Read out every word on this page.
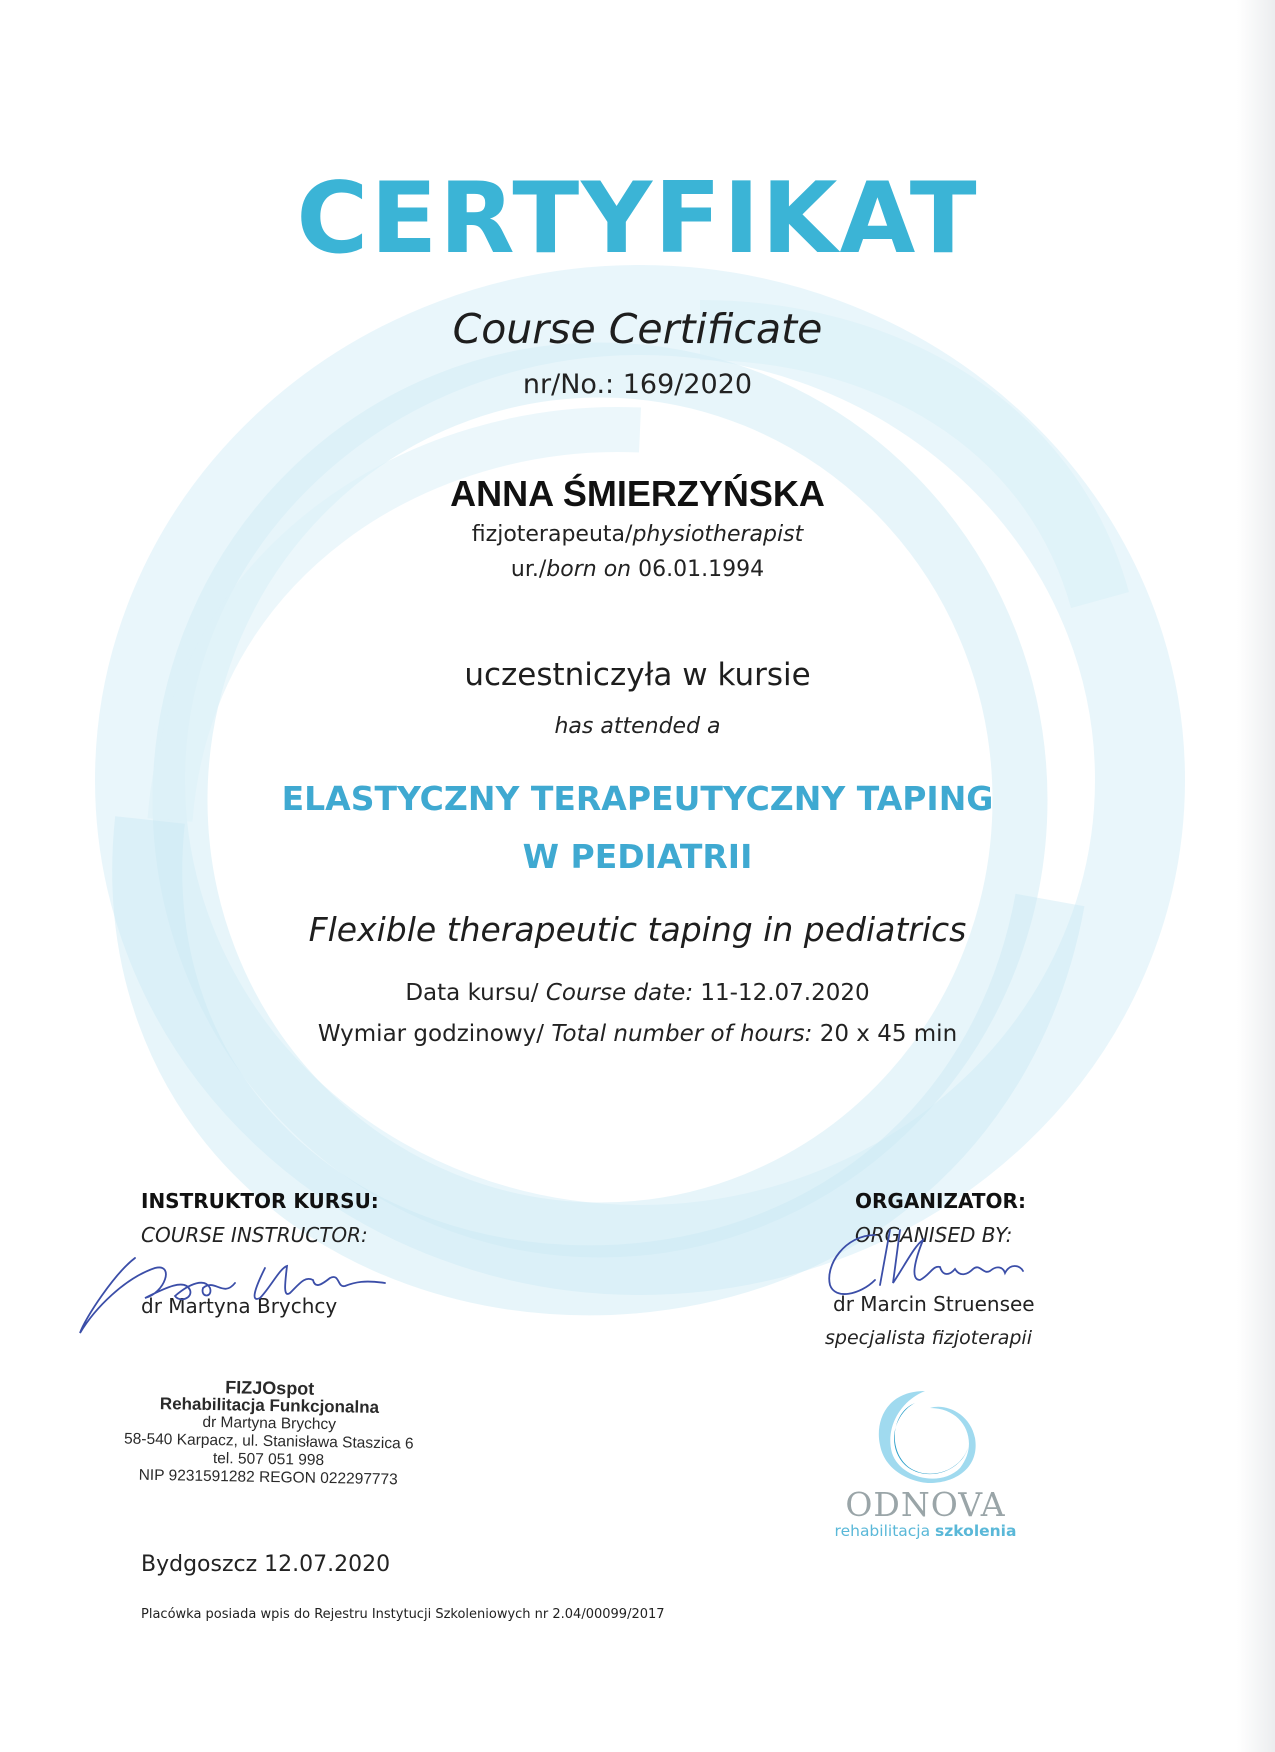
CERTYFIKAT
Course Certificate
nr/No.: 169/2020
ANNA ŚMIERZYŃSKA
fizjoterapeuta/physiotherapist
ur./born on 06.01.1994
uczestniczyła w kursie
has attended a
ELASTYCZNY TERAPEUTYCZNY TAPING
W PEDIATRII
Flexible therapeutic taping in pediatrics
Data kursu/ Course date: 11-12.07.2020
Wymiar godzinowy/ Total number of hours: 20 x 45 min
INSTRUKTOR KURSU:
COURSE INSTRUCTOR:
dr Martyna Brychcy
ORGANIZATOR:
ORGANISED BY:
dr Marcin Struensee
specjalista fizjoterapii
FIZJOspot
Rehabilitacja Funkcjonalna
dr Martyna Brychcy
58-540 Karpacz, ul. Stanisława Staszica 6
tel. 507 051 998
NIP 9231591282 REGON 022297773
ODNOVA
rehabilitacja szkolenia
Bydgoszcz 12.07.2020
Placówka posiada wpis do Rejestru Instytucji Szkoleniowych nr 2.04/00099/2017
